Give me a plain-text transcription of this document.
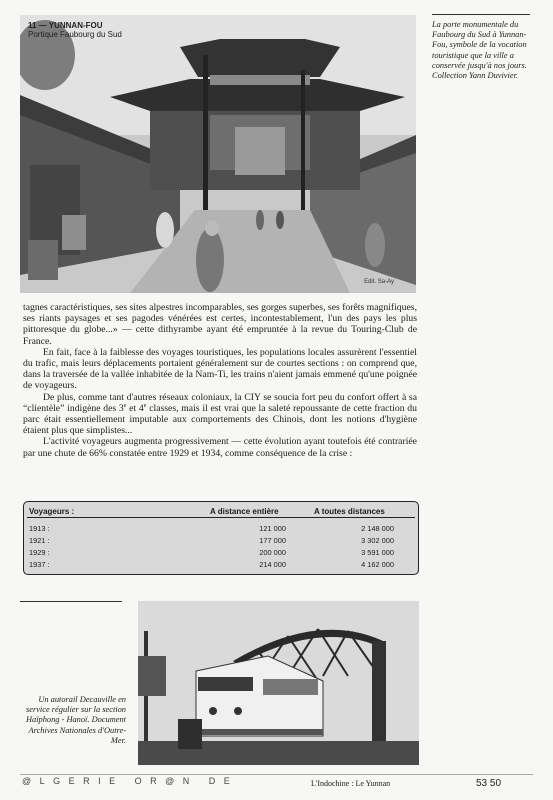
11 — YUNNAN-FOU
Portique Faubourg du Sud
Edit. Sa-Ay
La porte monumentale du Faubourg du Sud à Yunnan-Fou, symbole de la vocation touristique que la ville a conservée jusqu'à nos jours. Collection Yann Duvivier.

tagnes caractéristiques, ses sites alpestres incomparables, ses gorges superbes, ses forêts magnifiques, ses riants paysages et ses pagodes vénérées est certes, incontestablement, l'un des pays les plus pittoresque du globe...» — cette dithyrambe ayant été empruntée à la revue du Touring-Club de France.

En fait, face à la faiblesse des voyages touristiques, les populations locales assurèrent l'essentiel du trafic, mais leurs déplacements portaient généralement sur de courtes sections : on comprend que, dans la traversée de la vallée inhabitée de la Nam-Ti, les trains n'aient jamais emmené qu'une poignée de voyageurs.

De plus, comme tant d'autres réseaux coloniaux, la CIY se soucia fort peu du confort offert à sa “clientèle” indigène des 3e et 4e classes, mais il est vrai que la saleté repoussante de cette fraction du parc était essentiellement imputable aux comportements des Chinois, dont les notions d'hygiène étaient plus que simplistes...

L'activité voyageurs augmenta progressivement — cette évolution ayant toutefois été contrariée par une chute de 66% constatée entre 1929 et 1934, comme conséquence de la crise :

Voyageurs :	A distance entière	A toutes distances
1913 :	121 000	2 148 000
1921 :	177 000	3 302 000
1929 :	200 000	3 591 000
1937 :	214 000	4 162 000
Un autorail Decauville en service régulier sur la section Haïphong - Hanoï. Document Archives Nationales d'Outre-Mer.
@LGERIE OR@N DE	L'Indochine : Le Yunnan	53 50
